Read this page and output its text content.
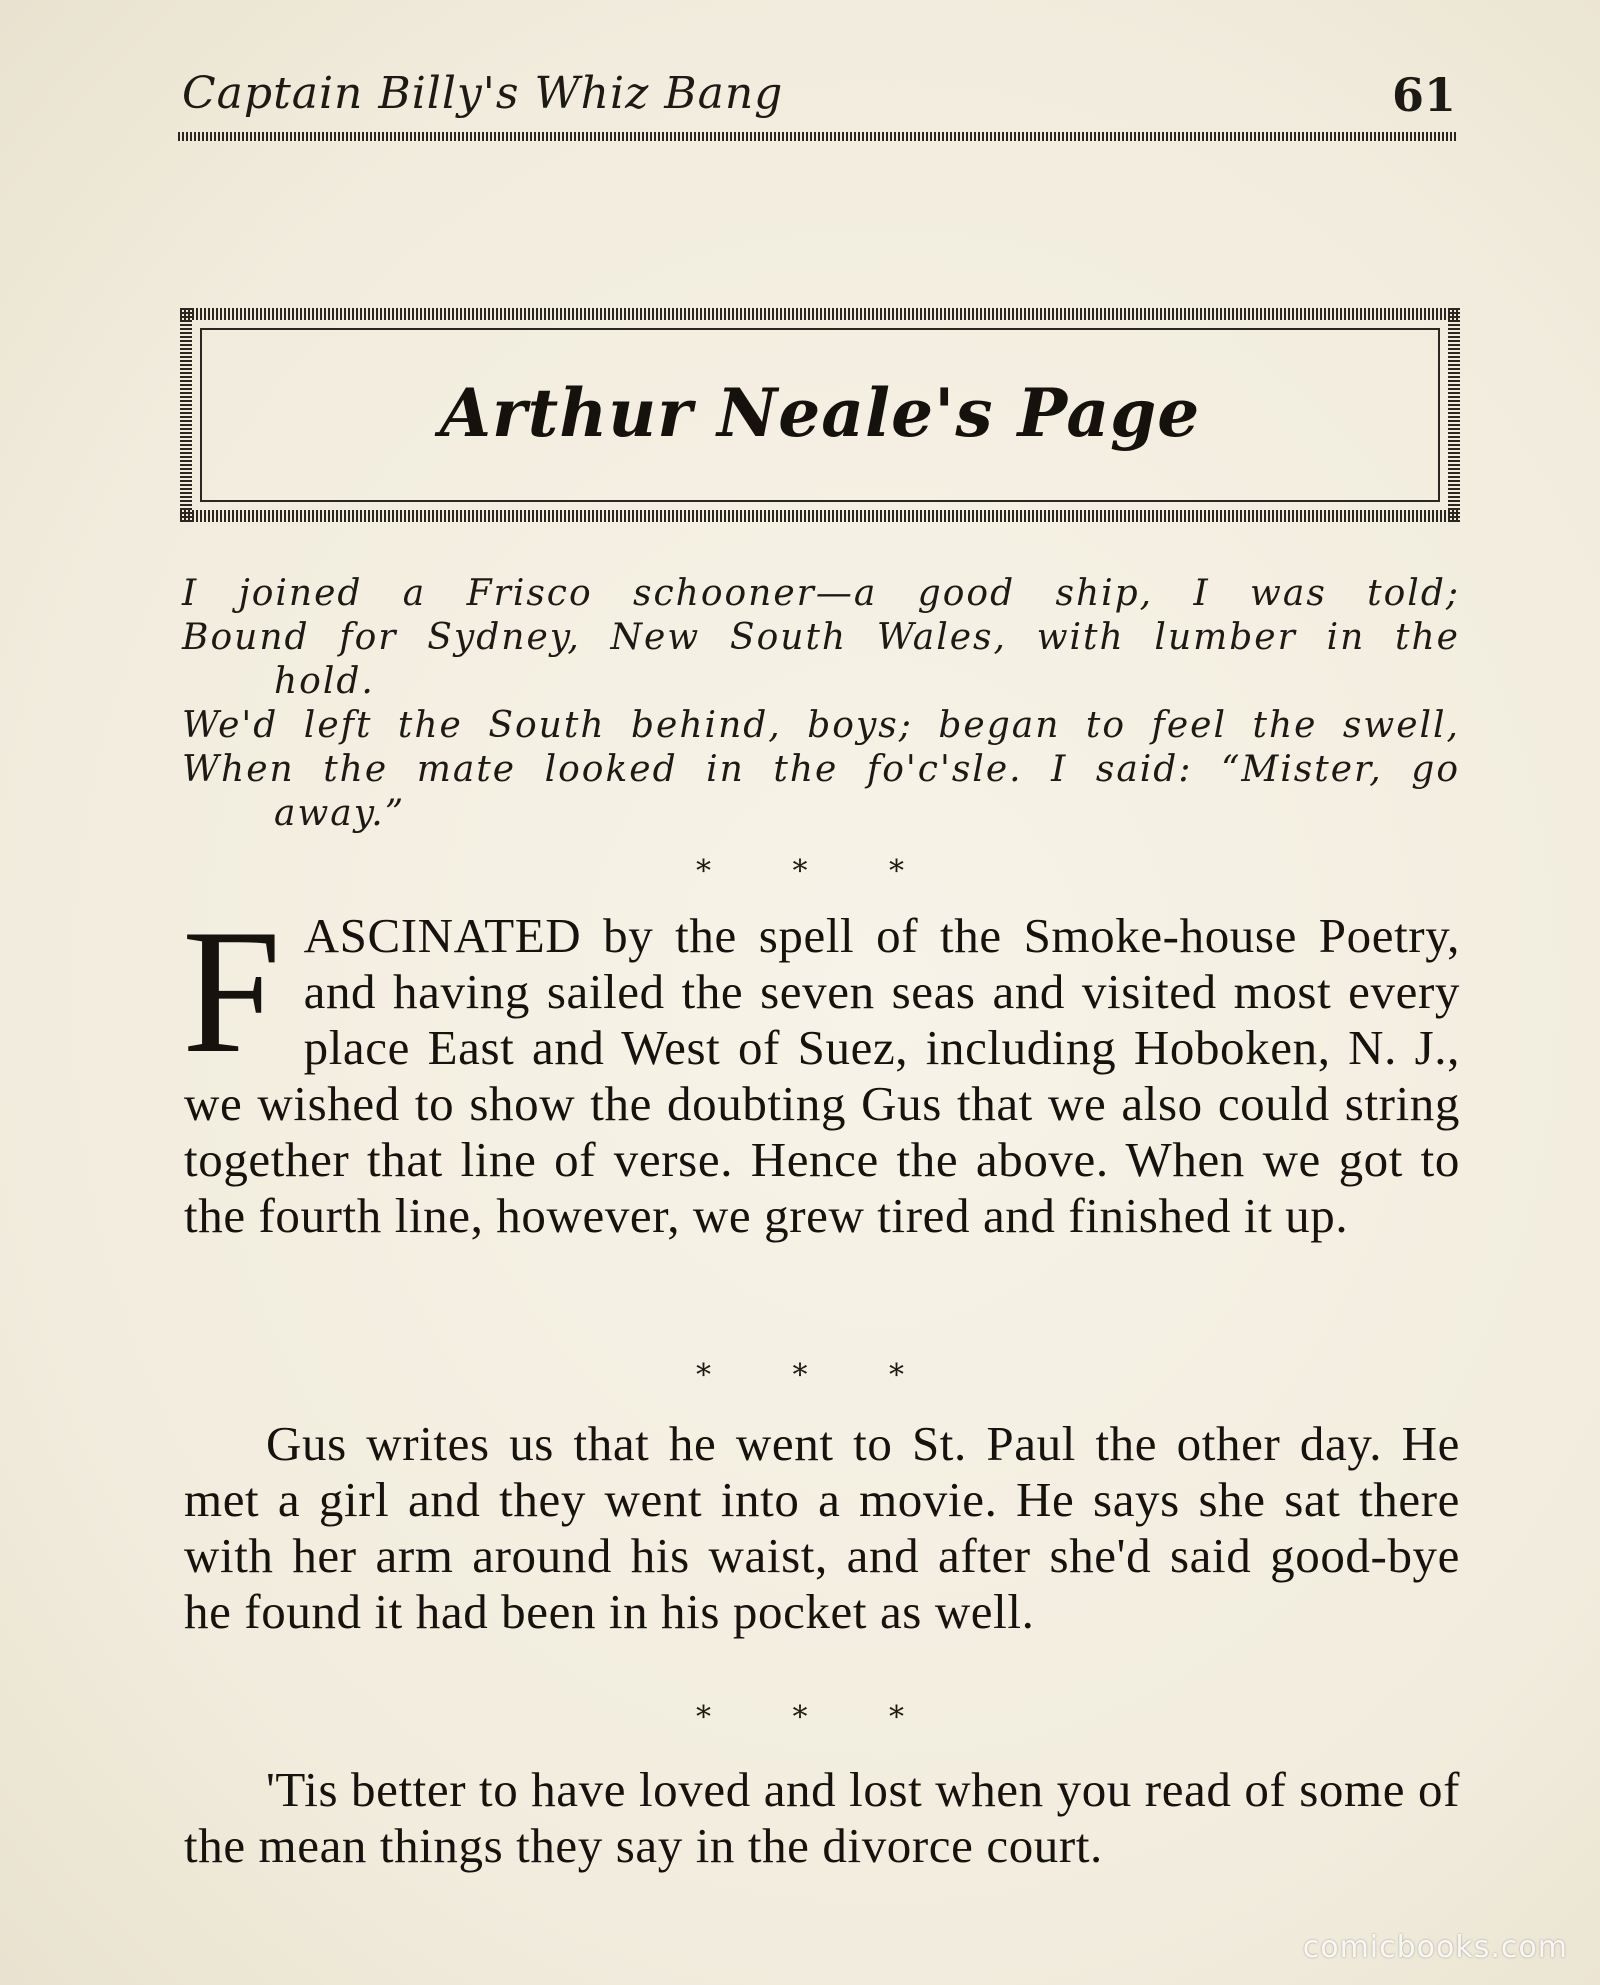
Captain Billy's Whiz Bang	61
Arthur Neale's Page
I joined a Frisco schooner—a good ship, I was told;
Bound for Sydney, New South Wales, with lumber in the
hold.
We'd left the South behind, boys; began to feel the swell,
When the mate looked in the fo'c'sle. I said: “Mister, go
away.”
* * *
FASCINATED by the spell of the Smoke-house Poetry, and having sailed the seven seas and visited most every place East and West of Suez, including Hoboken, N. J., we wished to show the doubting Gus that we also could string together that line of verse. Hence the above. When we got to the fourth line, however, we grew tired and finished it up.
* * *
Gus writes us that he went to St. Paul the other day. He met a girl and they went into a movie. He says she sat there with her arm around his waist, and after she'd said good-bye he found it had been in his pocket as well.
* * *
'Tis better to have loved and lost when you read of some of the mean things they say in the divorce court.
comicbooks.com
